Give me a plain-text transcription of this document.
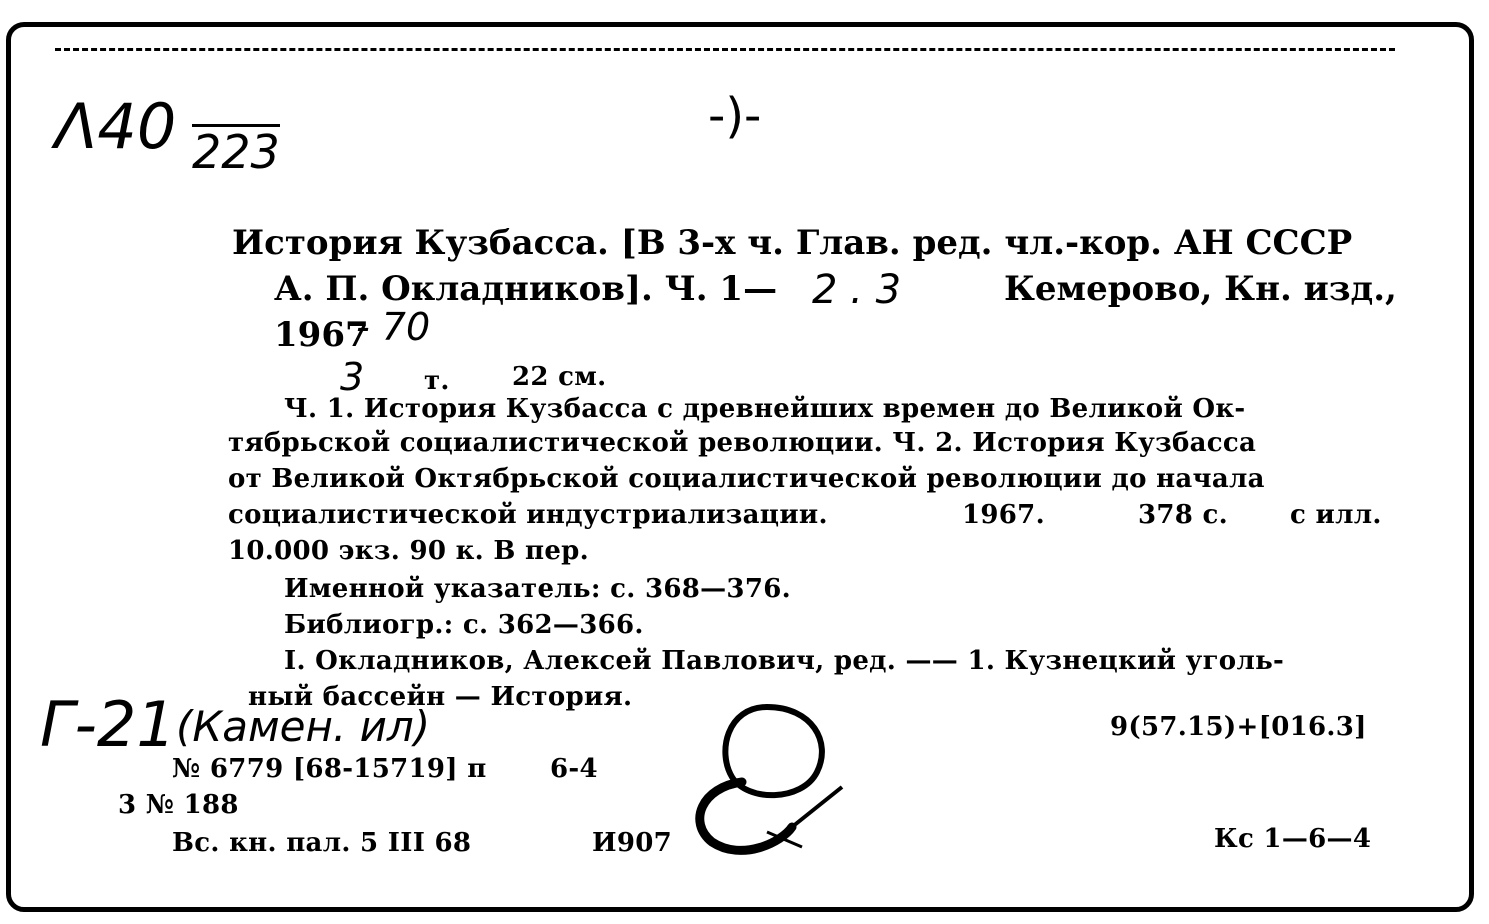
Λ40 223
-)-
История Кузбасса. [В 3-х ч. Глав. ред. чл.-кор. АН СССР
А. П. Окладников]. Ч. 1— 2 . 3	Кемерово, Кн. изд.,
1967
- 70
3 т. 22 см.
Ч. 1. История Кузбасса с древнейших времен до Великой Ок-
тябрьской социалистической революции. Ч. 2. История Кузбасса
от Великой Октябрьской социалистической революции до начала
социалистической индустриализации.	1967.	378 с. с илл.
10.000 экз. 90 к. В пер.
Именной указатель: с. 368—376.
Библиогр.: с. 362—366.
I. Окладников, Алексей Павлович, ред. —— 1. Кузнецкий уголь-
ный бассейн — История.
Г-21 (Камен. ил)	9(57.15)+[016.3]
№ 6779 [68-15719] п 6-4
3 № 188
Вс. кн. пал. 5 III 68	И907	Кс 1—6—4
